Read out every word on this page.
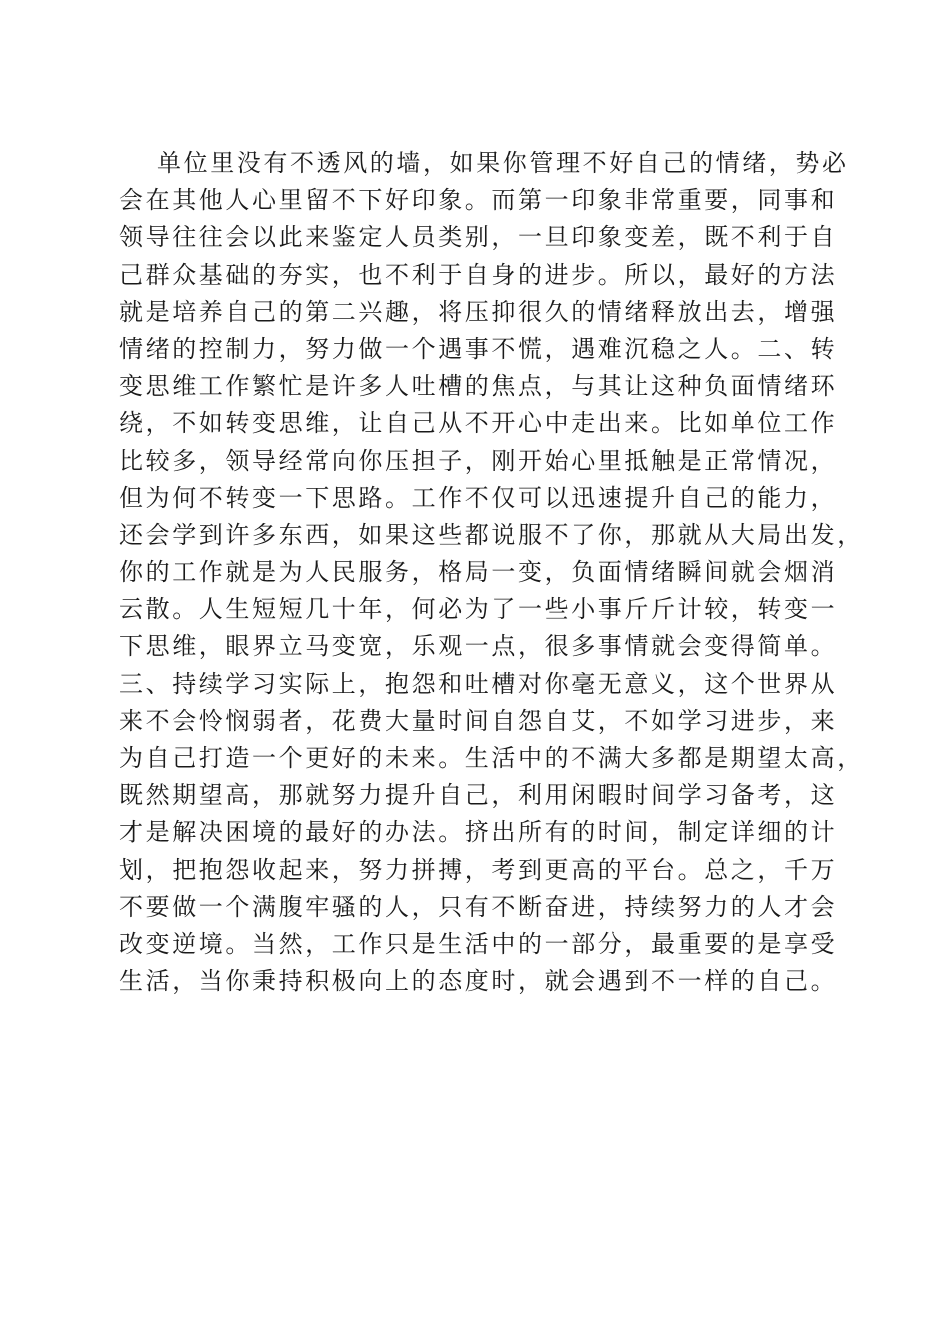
单位里没有不透风的墙，如果你管理不好自己的情绪，势必
会在其他人心里留不下好印象。而第一印象非常重要，同事和
领导往往会以此来鉴定人员类别，一旦印象变差，既不利于自
己群众基础的夯实，也不利于自身的进步。所以，最好的方法
就是培养自己的第二兴趣，将压抑很久的情绪释放出去，增强
情绪的控制力，努力做一个遇事不慌，遇难沉稳之人。二、转
变思维工作繁忙是许多人吐槽的焦点，与其让这种负面情绪环
绕，不如转变思维，让自己从不开心中走出来。比如单位工作
比较多，领导经常向你压担子，刚开始心里抵触是正常情况，
但为何不转变一下思路。工作不仅可以迅速提升自己的能力，
还会学到许多东西，如果这些都说服不了你，那就从大局出发，
你的工作就是为人民服务，格局一变，负面情绪瞬间就会烟消
云散。人生短短几十年，何必为了一些小事斤斤计较，转变一
下思维，眼界立马变宽，乐观一点，很多事情就会变得简单。
三、持续学习实际上，抱怨和吐槽对你毫无意义，这个世界从
来不会怜悯弱者，花费大量时间自怨自艾，不如学习进步，来
为自己打造一个更好的未来。生活中的不满大多都是期望太高，
既然期望高，那就努力提升自己，利用闲暇时间学习备考，这
才是解决困境的最好的办法。挤出所有的时间，制定详细的计
划，把抱怨收起来，努力拼搏，考到更高的平台。总之，千万
不要做一个满腹牢骚的人，只有不断奋进，持续努力的人才会
改变逆境。当然，工作只是生活中的一部分，最重要的是享受
生活，当你秉持积极向上的态度时，就会遇到不一样的自己。
